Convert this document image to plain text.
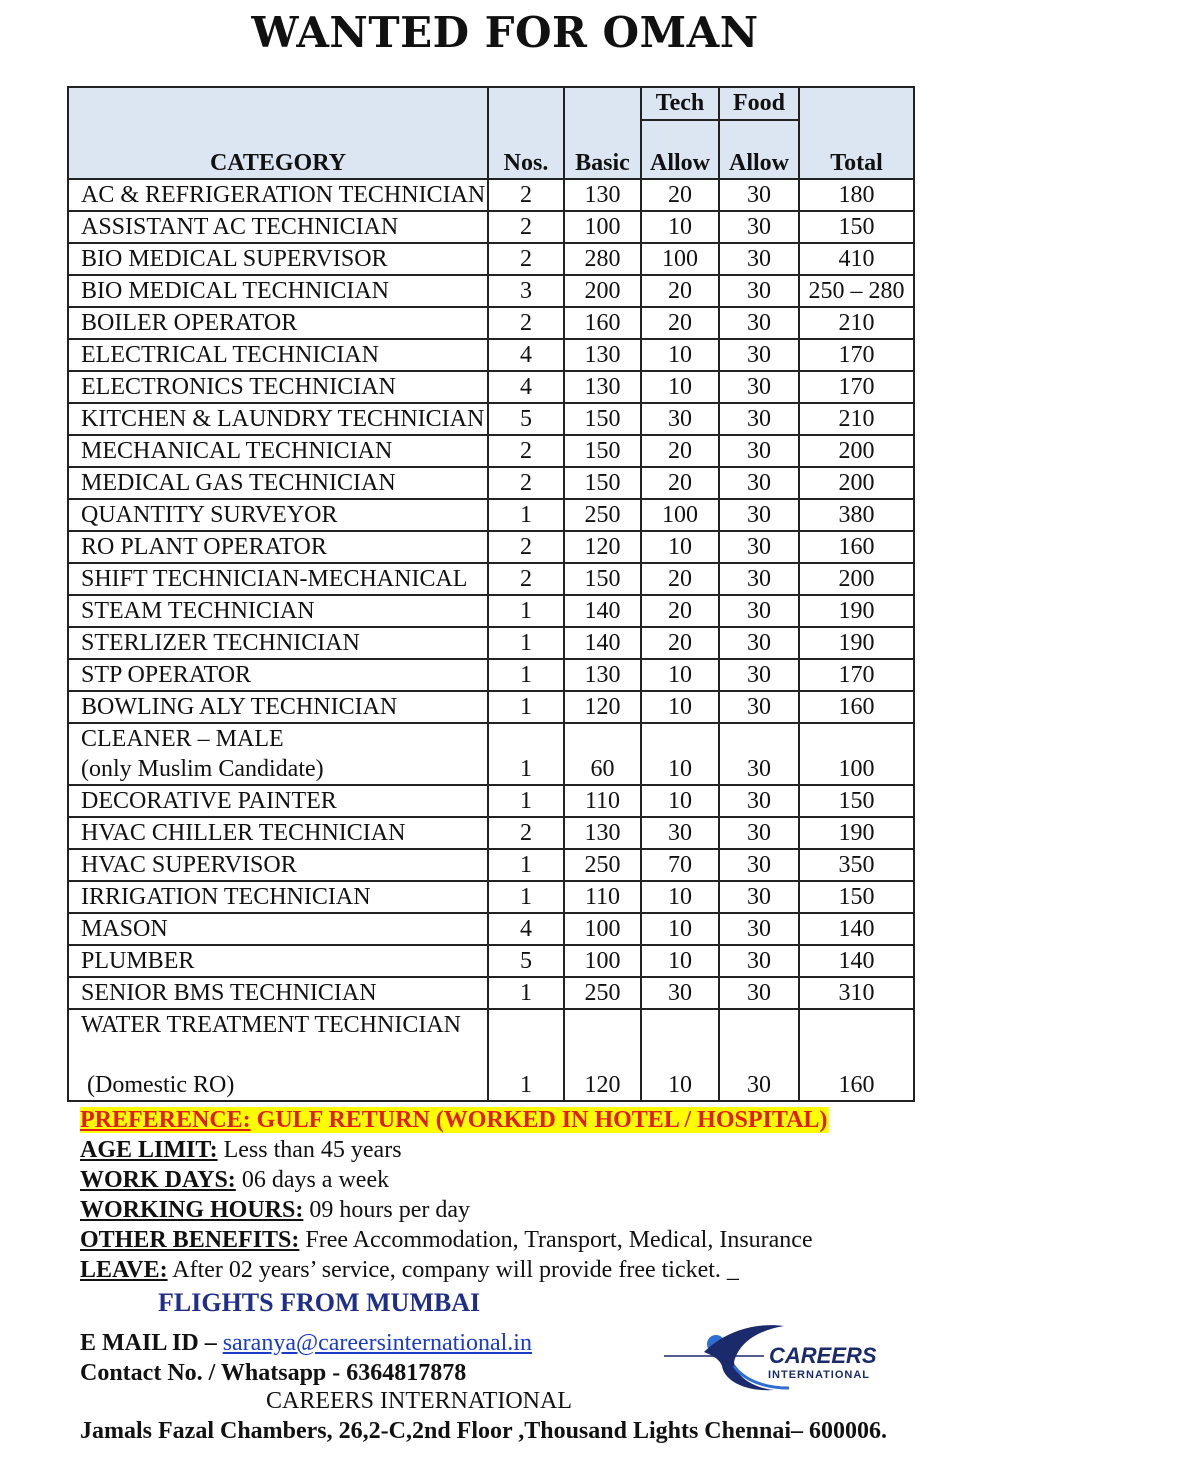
WANTED FOR OMAN
CATEGORY	Nos.	Basic	Tech	Food	Total
			Allow	Allow	
AC & REFRIGERATION TECHNICIAN	2	130	20	30	180
ASSISTANT AC TECHNICIAN	2	100	10	30	150
BIO MEDICAL SUPERVISOR	2	280	100	30	410
BIO MEDICAL TECHNICIAN	3	200	20	30	250 – 280
BOILER OPERATOR	2	160	20	30	210
ELECTRICAL TECHNICIAN	4	130	10	30	170
ELECTRONICS TECHNICIAN	4	130	10	30	170
KITCHEN & LAUNDRY TECHNICIAN	5	150	30	30	210
MECHANICAL TECHNICIAN	2	150	20	30	200
MEDICAL GAS TECHNICIAN	2	150	20	30	200
QUANTITY SURVEYOR	1	250	100	30	380
RO PLANT OPERATOR	2	120	10	30	160
SHIFT TECHNICIAN-MECHANICAL	2	150	20	30	200
STEAM TECHNICIAN	1	140	20	30	190
STERLIZER TECHNICIAN	1	140	20	30	190
STP OPERATOR	1	130	10	30	170
BOWLING ALY TECHNICIAN	1	120	10	30	160

CLEANER – MALE
(only Muslim Candidate)	1	60	10	30	100
DECORATIVE PAINTER	1	110	10	30	150
HVAC CHILLER TECHNICIAN	2	130	30	30	190
HVAC SUPERVISOR	1	250	70	30	350
IRRIGATION TECHNICIAN	1	110	10	30	150
MASON	4	100	10	30	140
PLUMBER	5	100	10	30	140
SENIOR BMS TECHNICIAN	1	250	30	30	310

WATER TREATMENT TECHNICIAN

(Domestic RO)	1	120	10	30	160
PREFERENCE: GULF RETURN (WORKED IN HOTEL / HOSPITAL)
AGE LIMIT: Less than 45 years
WORK DAYS: 06 days a week
WORKING HOURS: 09 hours per day
OTHER BENEFITS: Free Accommodation, Transport, Medical, Insurance
LEAVE: After 02 years’ service, company will provide free ticket. _
FLIGHTS FROM MUMBAI
E MAIL ID – saranya@careersinternational.in
Contact No. / Whatsapp - 6364817878
CAREERS
INTERNATIONAL
CAREERS INTERNATIONAL
Jamals Fazal Chambers, 26,2-C,2nd Floor ,Thousand Lights Chennai– 600006.
